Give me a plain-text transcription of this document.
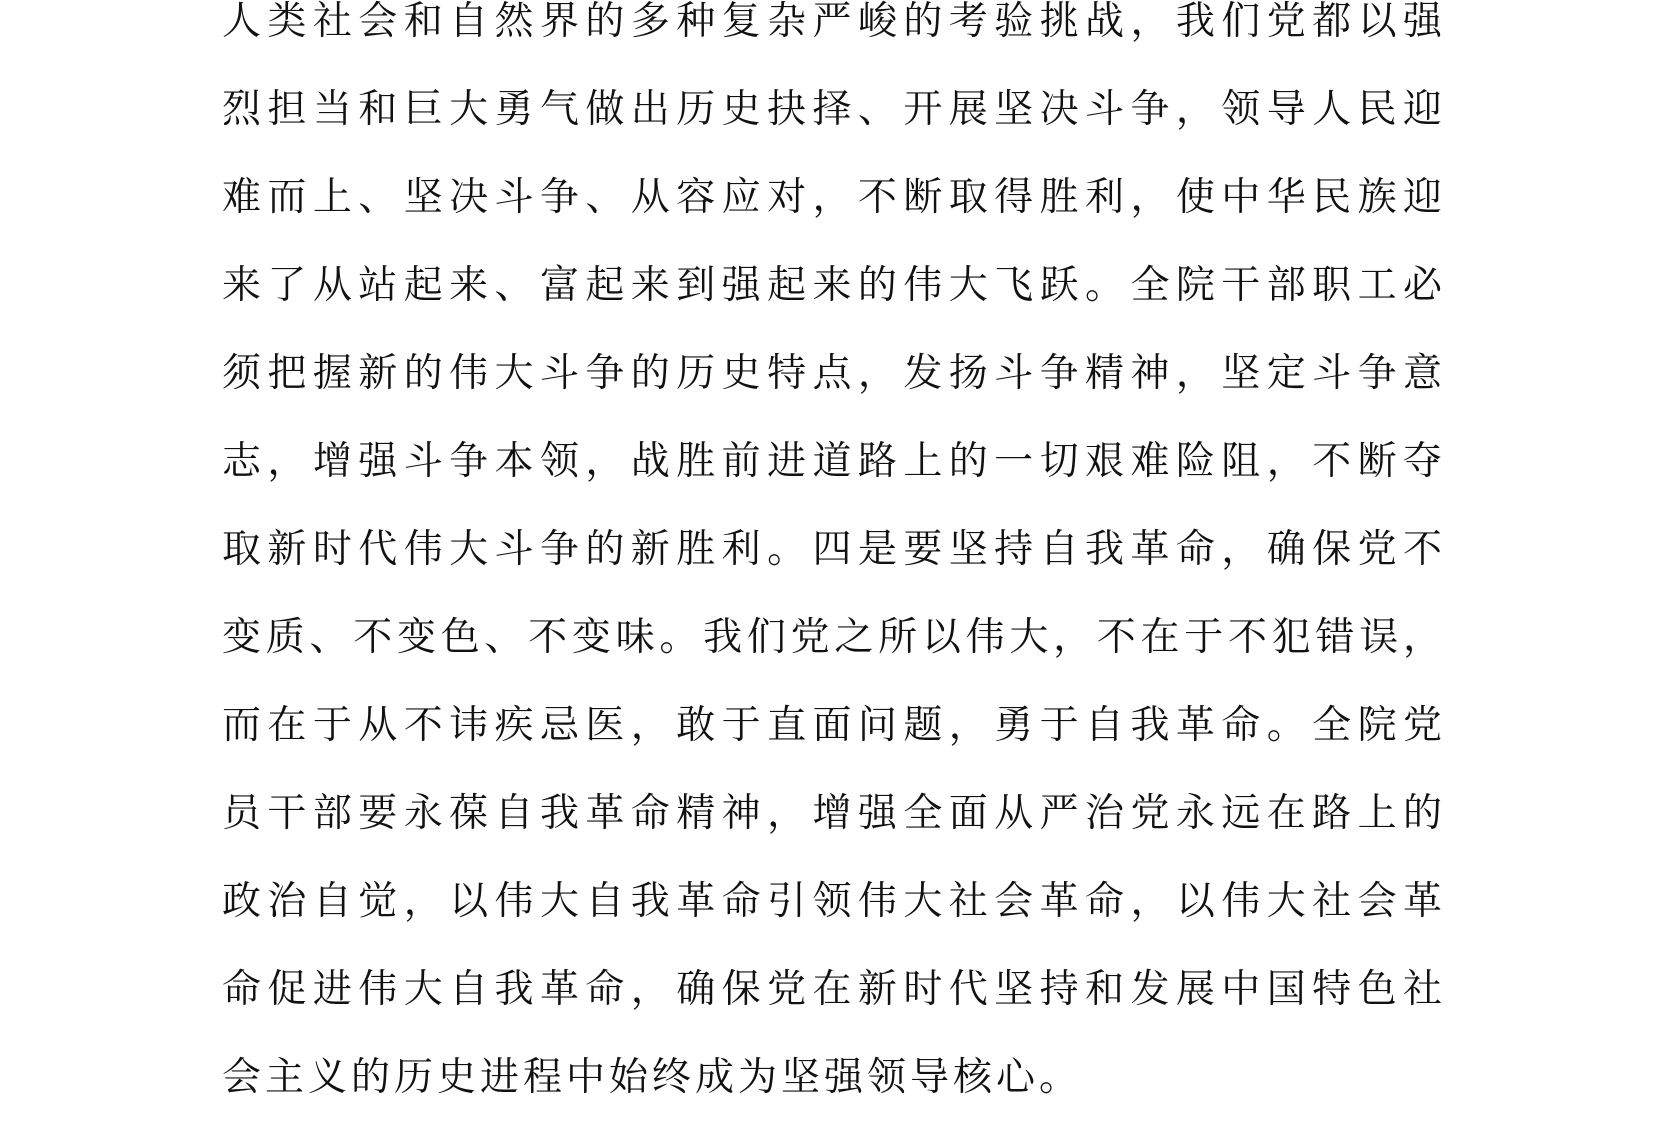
人类社会和自然界的多种复杂严峻的考验挑战，我们党都以强
烈担当和巨大勇气做出历史抉择、开展坚决斗争，领导人民迎
难而上、坚决斗争、从容应对，不断取得胜利，使中华民族迎
来了从站起来、富起来到强起来的伟大飞跃。全院干部职工必
须把握新的伟大斗争的历史特点，发扬斗争精神，坚定斗争意
志，增强斗争本领，战胜前进道路上的一切艰难险阻，不断夺
取新时代伟大斗争的新胜利。四是要坚持自我革命，确保党不
变质、不变色、不变味。我们党之所以伟大，不在于不犯错误，
而在于从不讳疾忌医，敢于直面问题，勇于自我革命。全院党
员干部要永葆自我革命精神，增强全面从严治党永远在路上的
政治自觉，以伟大自我革命引领伟大社会革命，以伟大社会革
命促进伟大自我革命，确保党在新时代坚持和发展中国特色社
会主义的历史进程中始终成为坚强领导核心。
